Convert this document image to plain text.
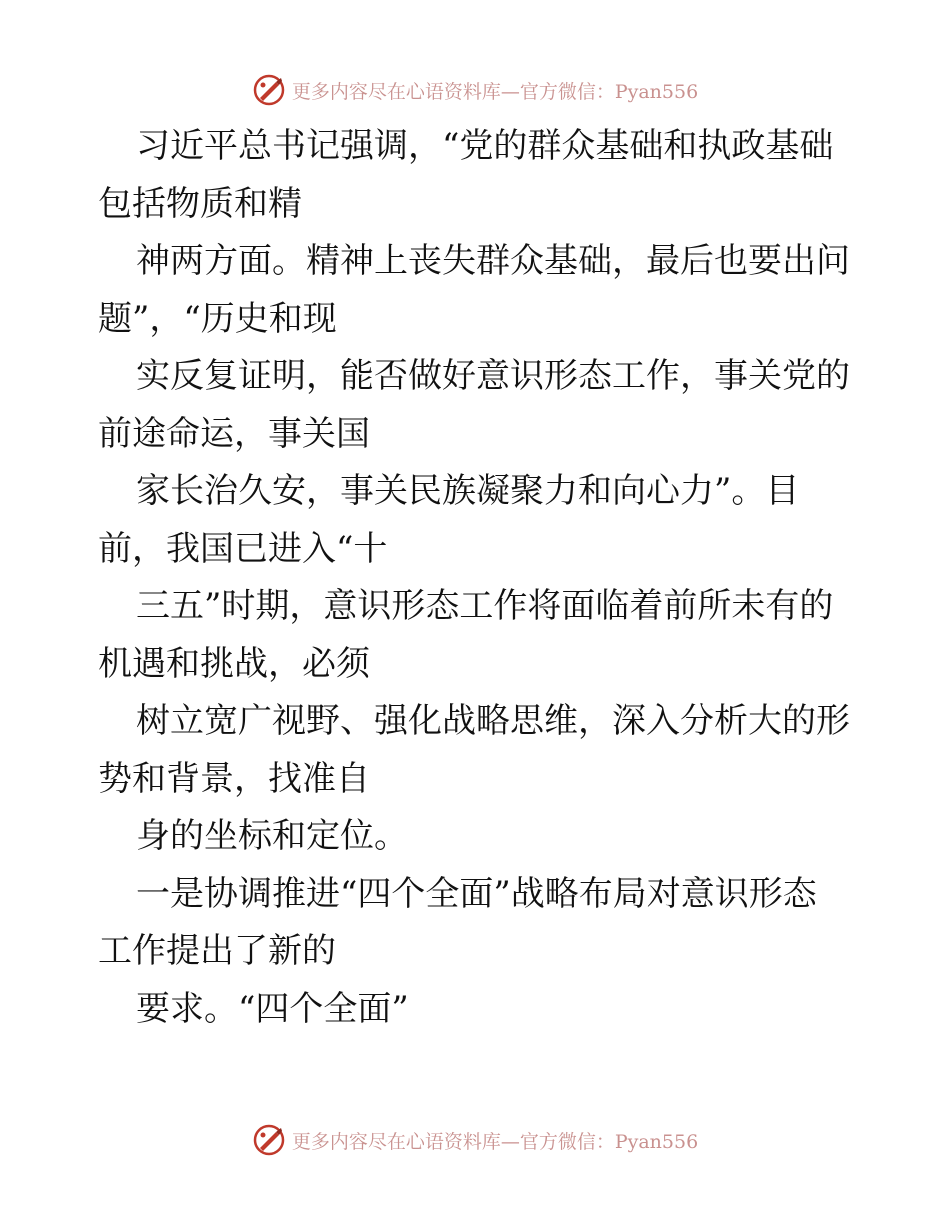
更多内容尽在心语资料库—官方微信：Pyan556
习近平总书记强调，“党的群众基础和执政基础
包括物质和精
神两方面。精神上丧失群众基础，最后也要出问
题”，“历史和现
实反复证明，能否做好意识形态工作，事关党的
前途命运，事关国
家长治久安，事关民族凝聚力和向心力”。目
前，我国已进入“十
三五”时期，意识形态工作将面临着前所未有的
机遇和挑战，必须
树立宽广视野、强化战略思维，深入分析大的形
势和背景，找准自
身的坐标和定位。
一是协调推进“四个全面”战略布局对意识形态
工作提出了新的
要求。“四个全面”
更多内容尽在心语资料库—官方微信：Pyan556
